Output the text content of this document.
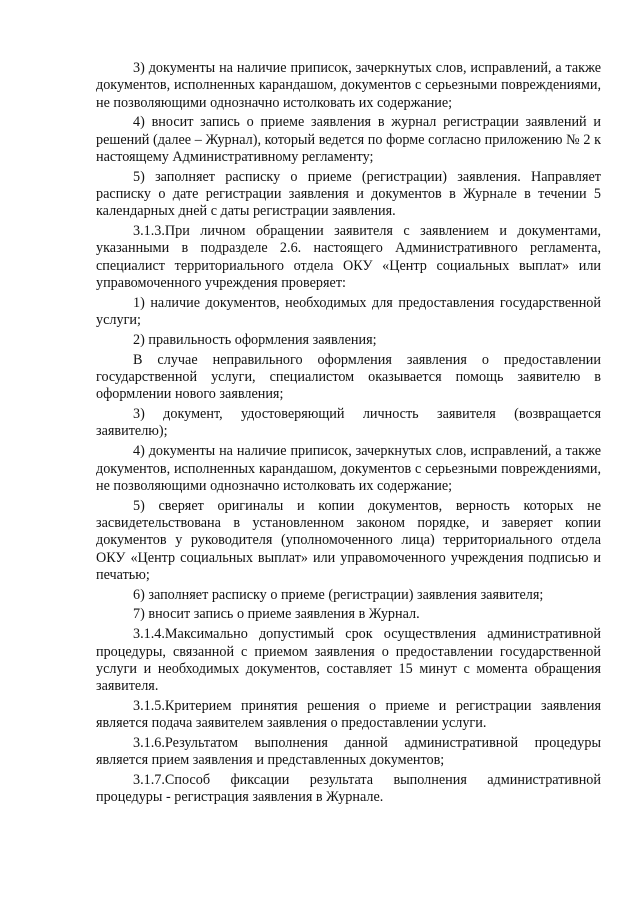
3) документы на наличие приписок, зачеркнутых слов, исправлений, а также документов, исполненных карандашом, документов с серьезными повреждениями, не позволяющими однозначно истолковать их содержание;

4) вносит запись о приеме заявления в журнал регистрации заявлений и решений (далее – Журнал), который ведется по форме согласно приложению № 2 к настоящему Административному регламенту;

5) заполняет расписку о приеме (регистрации) заявления. Направляет расписку о дате регистрации заявления и документов в Журнале в течении 5 календарных дней с даты регистрации заявления.

3.1.3.При личном обращении заявителя с заявлением и документами, указанными в подразделе 2.6. настоящего Административного регламента, специалист территориального отдела ОКУ «Центр социальных выплат» или управомоченного учреждения проверяет:

1) наличие документов, необходимых для предоставления государственной услуги;

2) правильность оформления заявления;

В случае неправильного оформления заявления о предоставлении государственной услуги, специалистом оказывается помощь заявителю в оформлении нового заявления;

3) документ, удостоверяющий личность заявителя (возвращается заявителю);

4) документы на наличие приписок, зачеркнутых слов, исправлений, а также документов, исполненных карандашом, документов с серьезными повреждениями, не позволяющими однозначно истолковать их содержание;

5) сверяет оригиналы и копии документов, верность которых не засвидетельствована в установленном законом порядке, и заверяет копии документов у руководителя (уполномоченного лица) территориального отдела ОКУ «Центр социальных выплат» или управомоченного учреждения подписью и печатью;

6) заполняет расписку о приеме (регистрации) заявления заявителя;

7) вносит запись о приеме заявления в Журнал.

3.1.4.Максимально допустимый срок осуществления административной процедуры, связанной с приемом заявления о предоставлении государственной услуги и необходимых документов, составляет 15 минут с момента обращения заявителя.

3.1.5.Критерием принятия решения о приеме и регистрации заявления является подача заявителем заявления о предоставлении услуги.

3.1.6.Результатом выполнения данной административной процедуры является прием заявления и представленных документов;

3.1.7.Способ фиксации результата выполнения административной процедуры - регистрация заявления в Журнале.
